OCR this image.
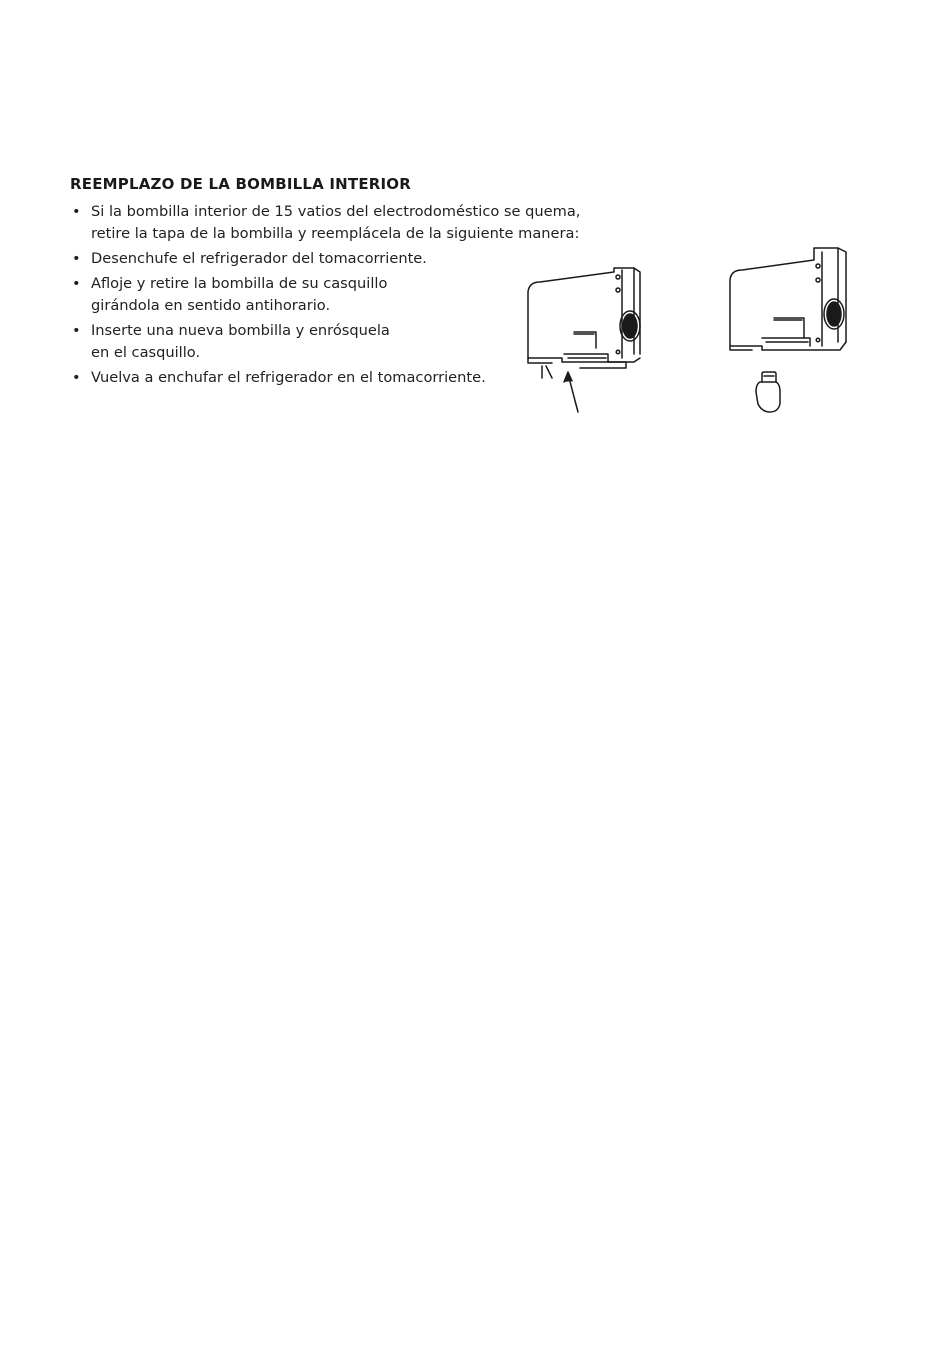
REEMPLAZO DE LA BOMBILLA INTERIOR
• Si la bombilla interior de 15 vatios del electrodoméstico se quema,
retire la tapa de la bombilla y reemplácela de la siguiente manera:
• Desenchufe el refrigerador del tomacorriente.
• Afloje y retire la bombilla de su casquillo
girándola en sentido antihorario.
• Inserte una nueva bombilla y enrósquela
en el casquillo.
• Vuelva a enchufar el refrigerador en el tomacorriente.
